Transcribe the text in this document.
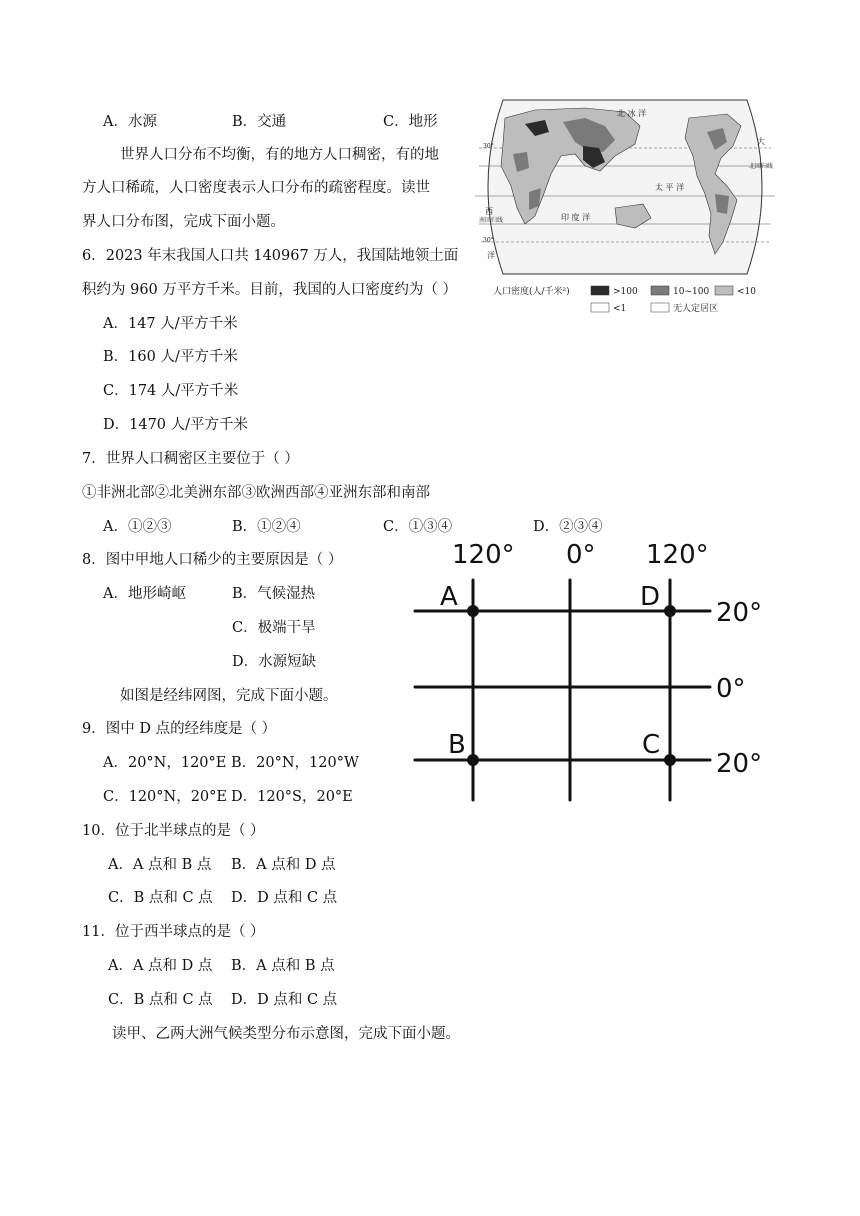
A．水源	B．交通	C．地形
世界人口分布不均衡，有的地方人口稠密，有的地
方人口稀疏，人口密度表示人口分布的疏密程度。读世
界人口分布图，完成下面小题。
6．2023 年末我国人口共 140967 万人，我国陆地领土面
积约为 960 万平方千米。目前，我国的人口密度约为（ ）
A．147 人/平方千米
B．160 人/平方千米
C．174 人/平方千米
D．1470 人/平方千米
7．世界人口稠密区主要位于（ ）
①非洲北部②北美洲东部③欧洲西部④亚洲东部和南部
A．①②③	B．①②④	C．①③④	D．②③④
8．图中甲地人口稀少的主要原因是（ ）
A．地形崎岖	B．气候湿热
C．极端干旱
D．水源短缺
如图是经纬网图，完成下面小题。
9．图中 D 点的经纬度是（ ）
A．20°N，120°E B．20°N，120°W
C．120°N，20°E D．120°S，20°E
10．位于北半球点的是（ ）
A．A 点和 B 点 B．A 点和 D 点
C．B 点和 C 点 D．D 点和 C 点
11．位于西半球点的是（ ）
A．A 点和 D 点 B．A 点和 B 点
C．B 点和 C 点 D．D 点和 C 点
读甲、乙两大洲气候类型分布示意图，完成下面小题。
北 冰 洋
太 平 洋
印 度 洋
西
洋
大
北回归线
南回归线
30°
30°
人口密度(人/千米²)	>100	10~100	<10
<1	无人定居区
120° 0° 120°
20°
0°
20°
A	D
B	C
